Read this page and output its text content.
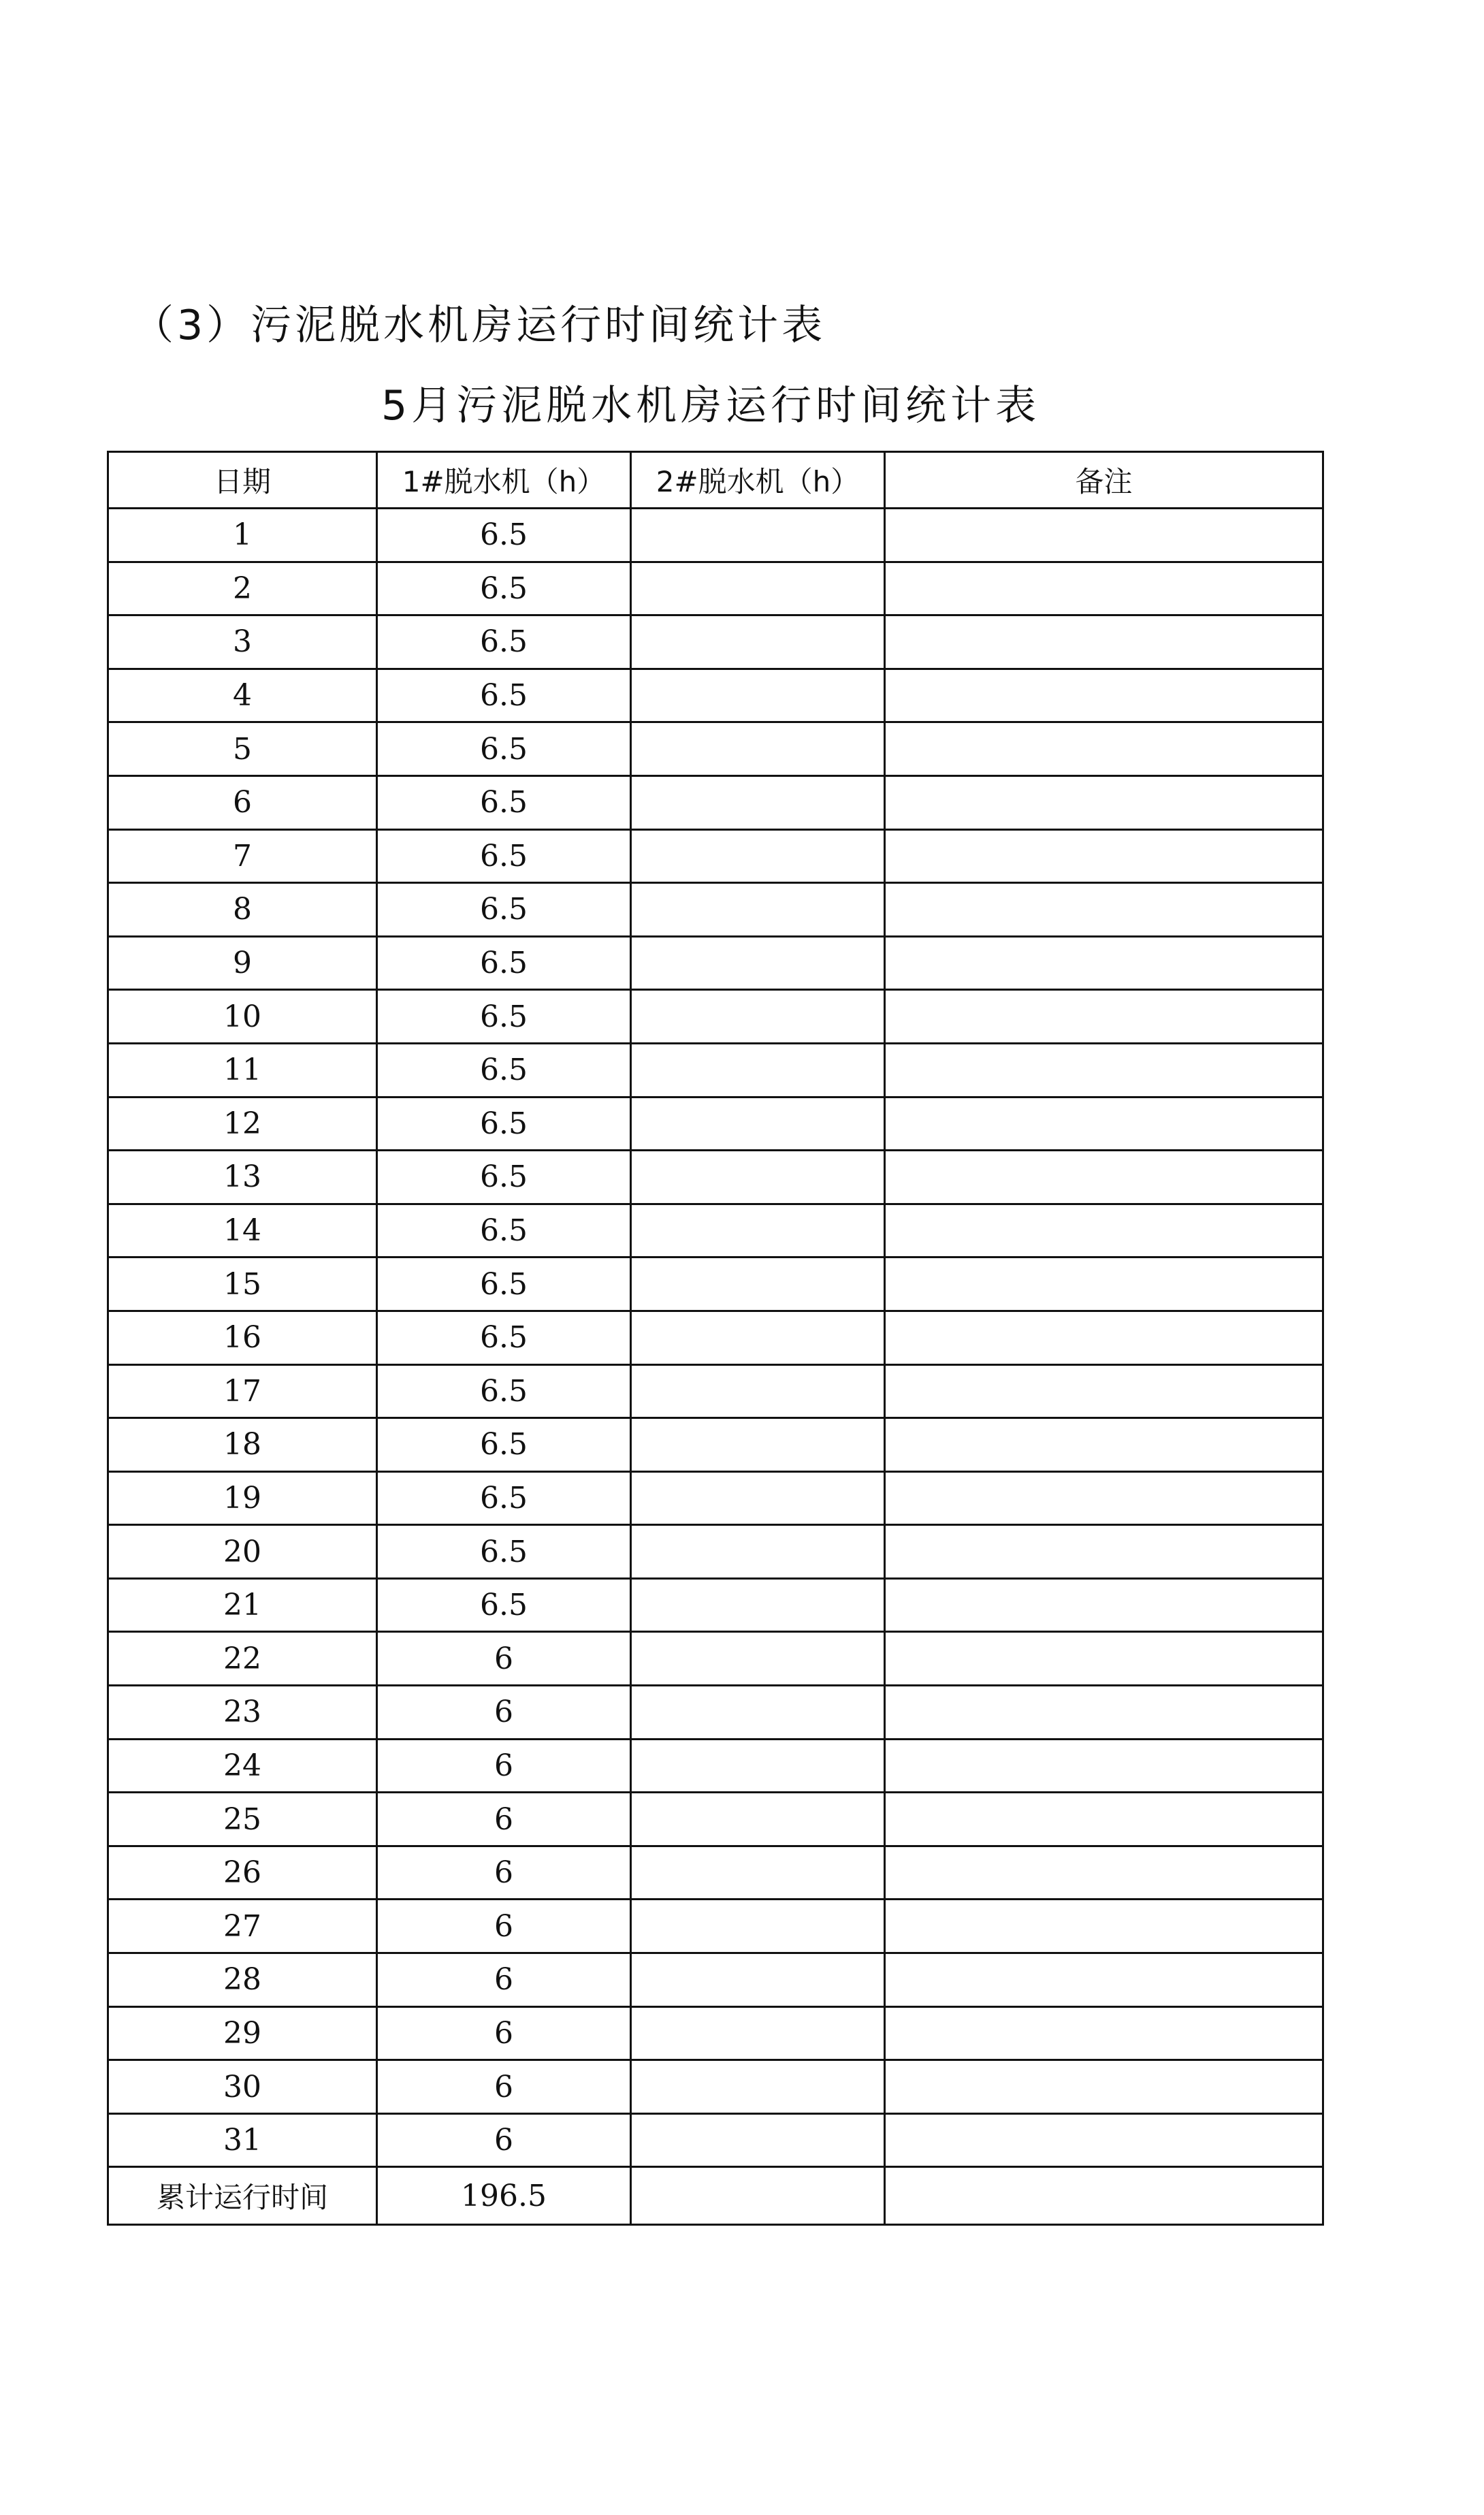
（3）污泥脱水机房运行时间统计表
5月污泥脱水机房运行时间统计表
日期	1#脱水机（h）	2#脱水机（h）	备注
1	6.5		
2	6.5		
3	6.5		
4	6.5		
5	6.5		
6	6.5		
7	6.5		
8	6.5		
9	6.5		
10	6.5		
11	6.5		
12	6.5		
13	6.5		
14	6.5		
15	6.5		
16	6.5		
17	6.5		
18	6.5		
19	6.5		
20	6.5		
21	6.5		
22	6		
23	6		
24	6		
25	6		
26	6		
27	6		
28	6		
29	6		
30	6		
31	6		
累计运行时间	196.5		
